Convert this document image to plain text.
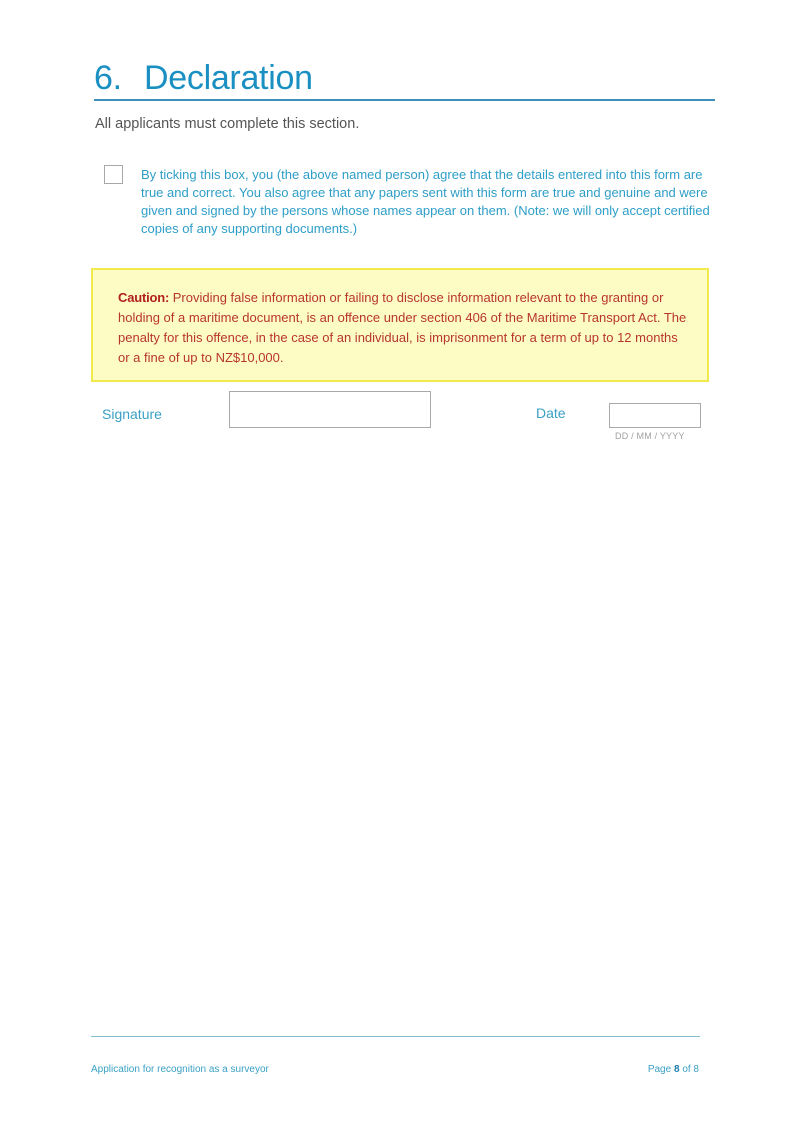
6. Declaration
All applicants must complete this section.
By ticking this box, you (the above named person) agree that the details entered into this form are true and correct. You also agree that any papers sent with this form are true and genuine and were given and signed by the persons whose names appear on them. (Note: we will only accept certified copies of any supporting documents.)
Caution: Providing false information or failing to disclose information relevant to the granting or holding of a maritime document, is an offence under section 406 of the Maritime Transport Act. The penalty for this offence, in the case of an individual, is imprisonment for a term of up to 12 months or a fine of up to NZ$10,000.
Signature	Date
DD / MM / YYYY
Application for recognition as a surveyor	Page 8 of 8
